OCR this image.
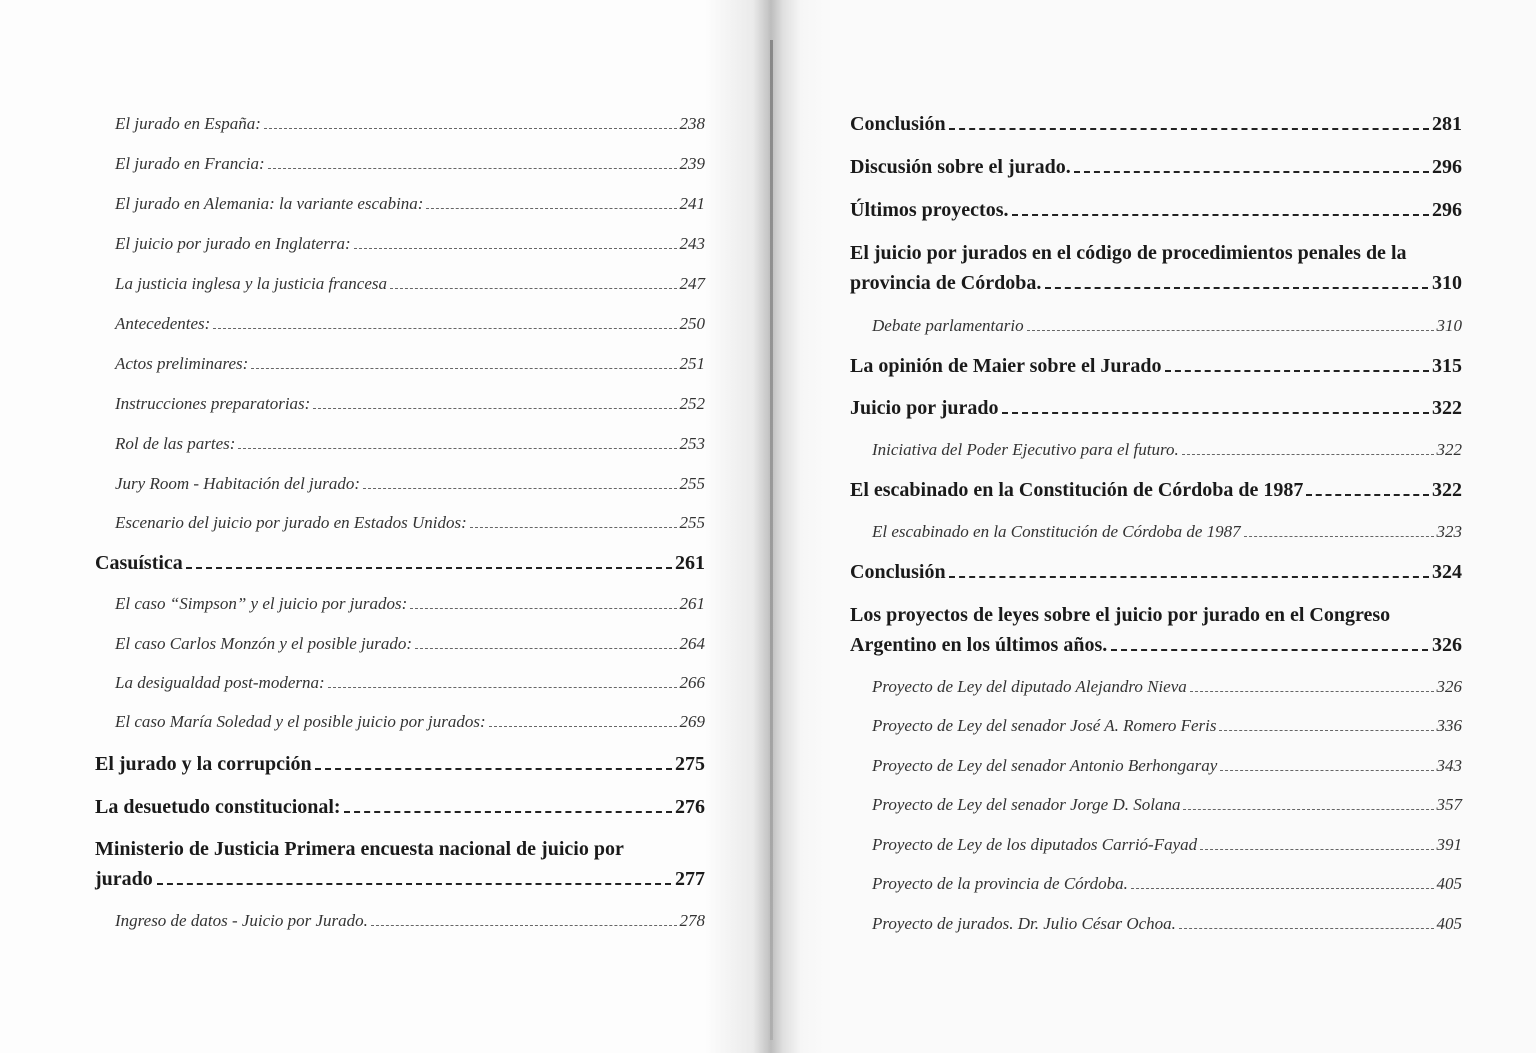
El jurado en España:	238
El jurado en Francia:	239
El jurado en Alemania: la variante escabina:	241
El juicio por jurado en Inglaterra:	243
La justicia inglesa y la justicia francesa	247
Antecedentes:	250
Actos preliminares:	251
Instrucciones preparatorias:	252
Rol de las partes:	253
Jury Room - Habitación del jurado:	255
Escenario del juicio por jurado en Estados Unidos:	255
Casuística	261
El caso “Simpson” y el juicio por jurados:	261
El caso Carlos Monzón y el posible jurado:	264
La desigualdad post-moderna:	266
El caso María Soledad y el posible juicio por jurados:	269
El jurado y la corrupción	275
La desuetudo constitucional:	276
Ministerio de Justicia Primera encuesta nacional de juicio por
jurado	277
Ingreso de datos - Juicio por Jurado.	278
Conclusión	281
Discusión sobre el jurado.	296
Últimos proyectos.	296
El juicio por jurados en el código de procedimientos penales de la
provincia de Córdoba.	310
Debate parlamentario	310
La opinión de Maier sobre el Jurado	315
Juicio por jurado	322
Iniciativa del Poder Ejecutivo para el futuro.	322
El escabinado en la Constitución de Córdoba de 1987	322
El escabinado en la Constitución de Córdoba de 1987	323
Conclusión	324
Los proyectos de leyes sobre el juicio por jurado en el Congreso
Argentino en los últimos años.	326
Proyecto de Ley del diputado Alejandro Nieva	326
Proyecto de Ley del senador José A. Romero Feris	336
Proyecto de Ley del senador Antonio Berhongaray	343
Proyecto de Ley del senador Jorge D. Solana	357
Proyecto de Ley de los diputados Carrió-Fayad	391
Proyecto de la provincia de Córdoba.	405
Proyecto de jurados. Dr. Julio César Ochoa.	405
